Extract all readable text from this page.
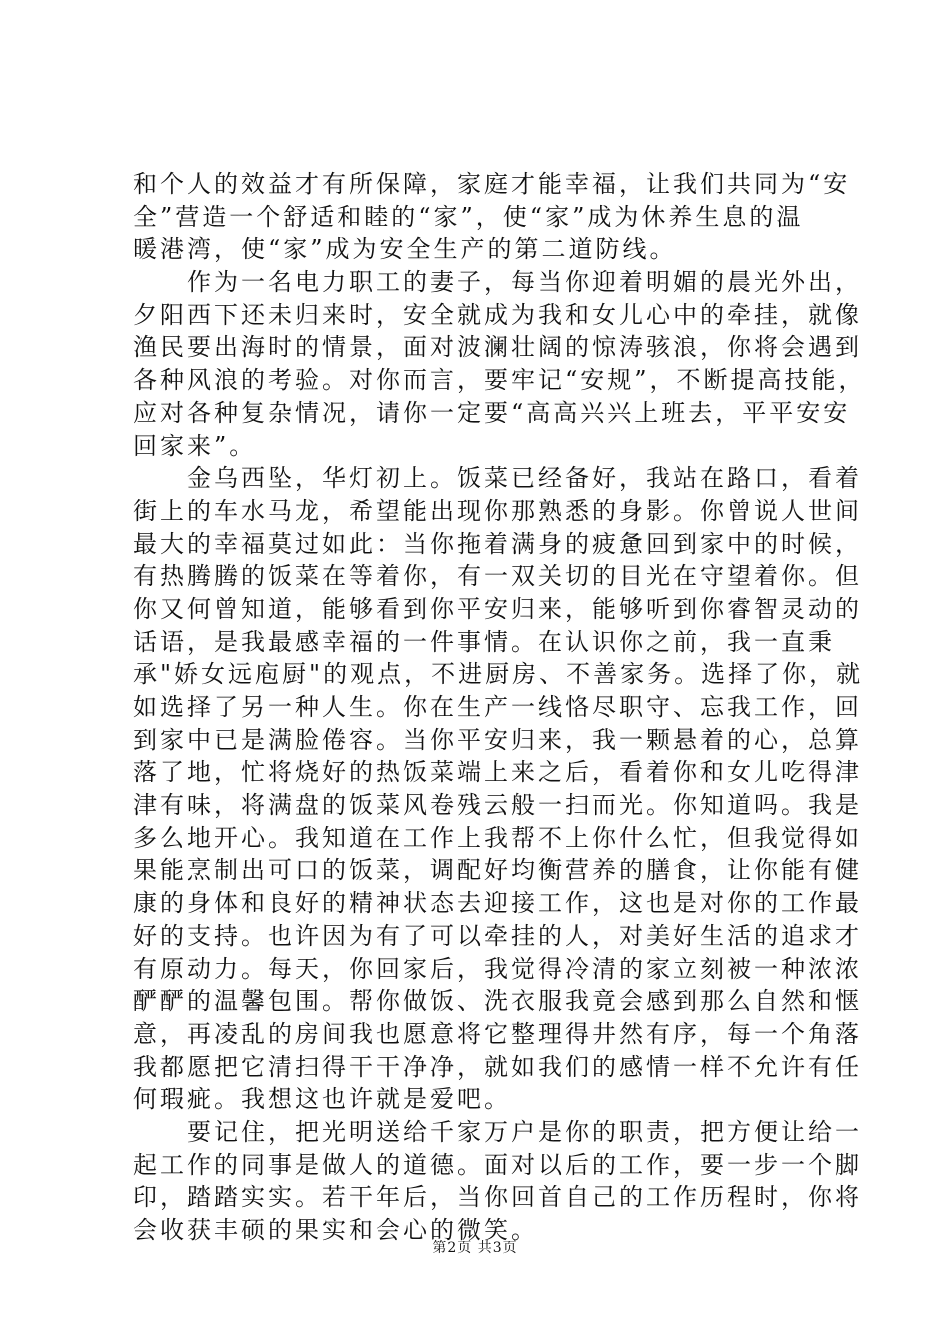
和个人的效益才有所保障，家庭才能幸福，让我们共同为“安
全”营造一个舒适和睦的“家”，使“家”成为休养生息的温
暖港湾，使“家”成为安全生产的第二道防线。
　　作为一名电力职工的妻子，每当你迎着明媚的晨光外出，
夕阳西下还未归来时，安全就成为我和女儿心中的牵挂，就像
渔民要出海时的情景，面对波澜壮阔的惊涛骇浪，你将会遇到
各种风浪的考验。对你而言，要牢记“安规”，不断提高技能，
应对各种复杂情况，请你一定要“高高兴兴上班去，平平安安
回家来”。
　　金乌西坠，华灯初上。饭菜已经备好，我站在路口，看着
街上的车水马龙，希望能出现你那熟悉的身影。你曾说人世间
最大的幸福莫过如此：当你拖着满身的疲惫回到家中的时候，
有热腾腾的饭菜在等着你，有一双关切的目光在守望着你。但
你又何曾知道，能够看到你平安归来，能够听到你睿智灵动的
话语，是我最感幸福的一件事情。在认识你之前，我一直秉
承"娇女远庖厨"的观点，不进厨房、不善家务。选择了你，就
如选择了另一种人生。你在生产一线恪尽职守、忘我工作，回
到家中已是满脸倦容。当你平安归来，我一颗悬着的心，总算
落了地，忙将烧好的热饭菜端上来之后，看着你和女儿吃得津
津有味，将满盘的饭菜风卷残云般一扫而光。你知道吗。我是
多么地开心。我知道在工作上我帮不上你什么忙，但我觉得如
果能烹制出可口的饭菜，调配好均衡营养的膳食，让你能有健
康的身体和良好的精神状态去迎接工作，这也是对你的工作最
好的支持。也许因为有了可以牵挂的人，对美好生活的追求才
有原动力。每天，你回家后，我觉得冷清的家立刻被一种浓浓
酽酽的温馨包围。帮你做饭、洗衣服我竟会感到那么自然和惬
意，再凌乱的房间我也愿意将它整理得井然有序，每一个角落
我都愿把它清扫得干干净净，就如我们的感情一样不允许有任
何瑕疵。我想这也许就是爱吧。
　　要记住，把光明送给千家万户是你的职责，把方便让给一
起工作的同事是做人的道德。面对以后的工作，要一步一个脚
印，踏踏实实。若干年后，当你回首自己的工作历程时，你将
会收获丰硕的果实和会心的微笑。
第2页 共3页
